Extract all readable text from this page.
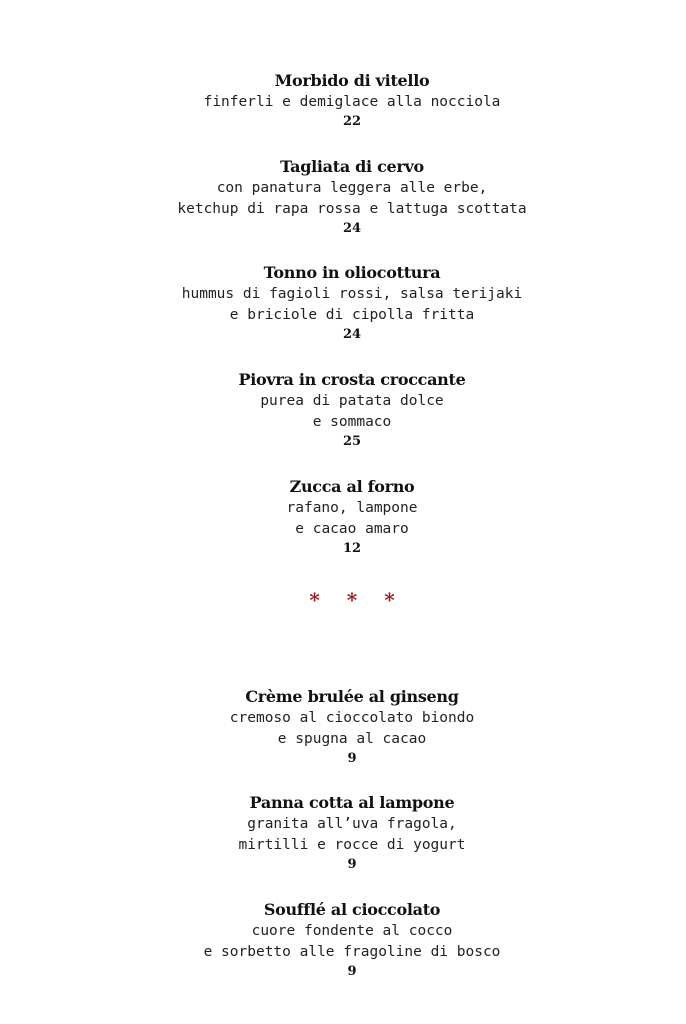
Morbido di vitello
finferli e demiglace alla nocciola
22
Tagliata di cervo
con panatura leggera alle erbe,
ketchup di rapa rossa e lattuga scottata
24
Tonno in oliocottura
hummus di fagioli rossi, salsa terijaki
e briciole di cipolla fritta
24
Piovra in crosta croccante
purea di patata dolce
e sommaco
25
Zucca al forno
rafano, lampone
e cacao amaro
12
* * *
Crème brulée al ginseng
cremoso al cioccolato biondo
e spugna al cacao
9
Panna cotta al lampone
granita all’uva fragola,
mirtilli e rocce di yogurt
9
Soufflé al cioccolato
cuore fondente al cocco
e sorbetto alle fragoline di bosco
9
